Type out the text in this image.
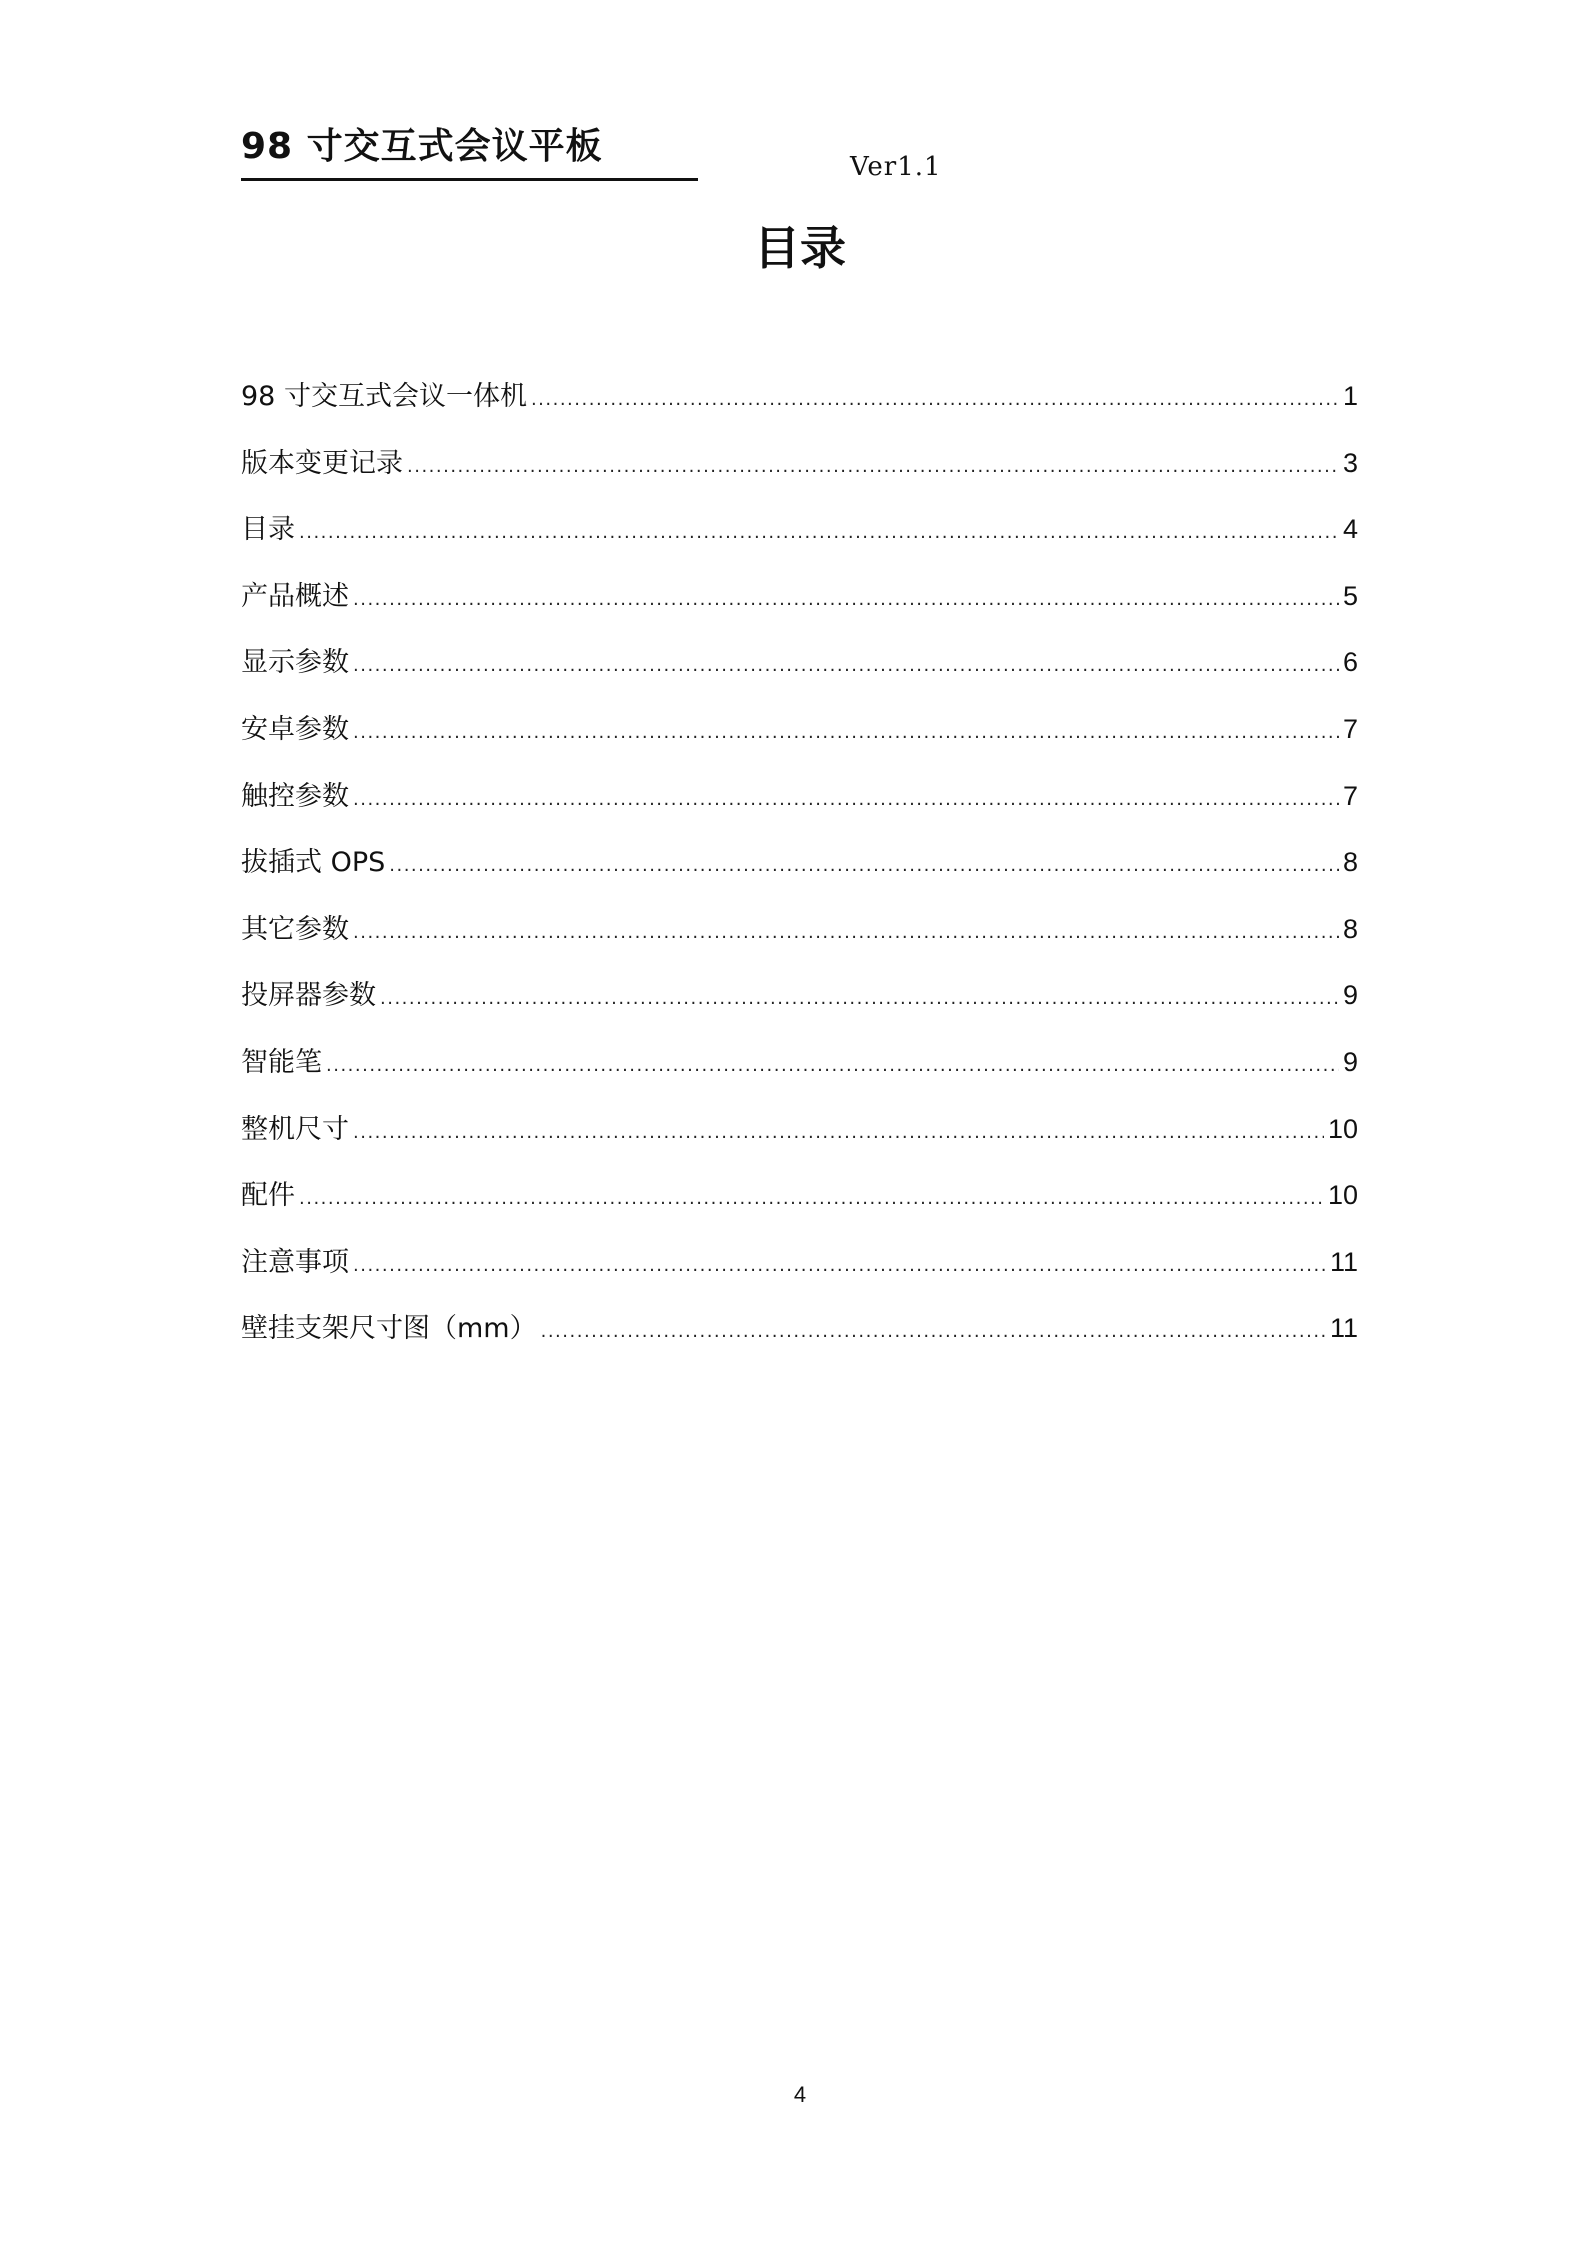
98 寸交互式会议平板	Ver1.1
目录
98 寸交互式会议一体机 .....	1
版本变更记录 .....	3
目录 .....	4
产品概述 .....	5
显示参数 .....	6
安卓参数 .....	7
触控参数 .....	7
拔插式 OPS .....	8
其它参数 .....	8
投屏器参数 .....	9
智能笔 .....	9
整机尺寸 .....	10
配件 .....	10
注意事项 .....	11
壁挂支架尺寸图（mm） .....	11
4
